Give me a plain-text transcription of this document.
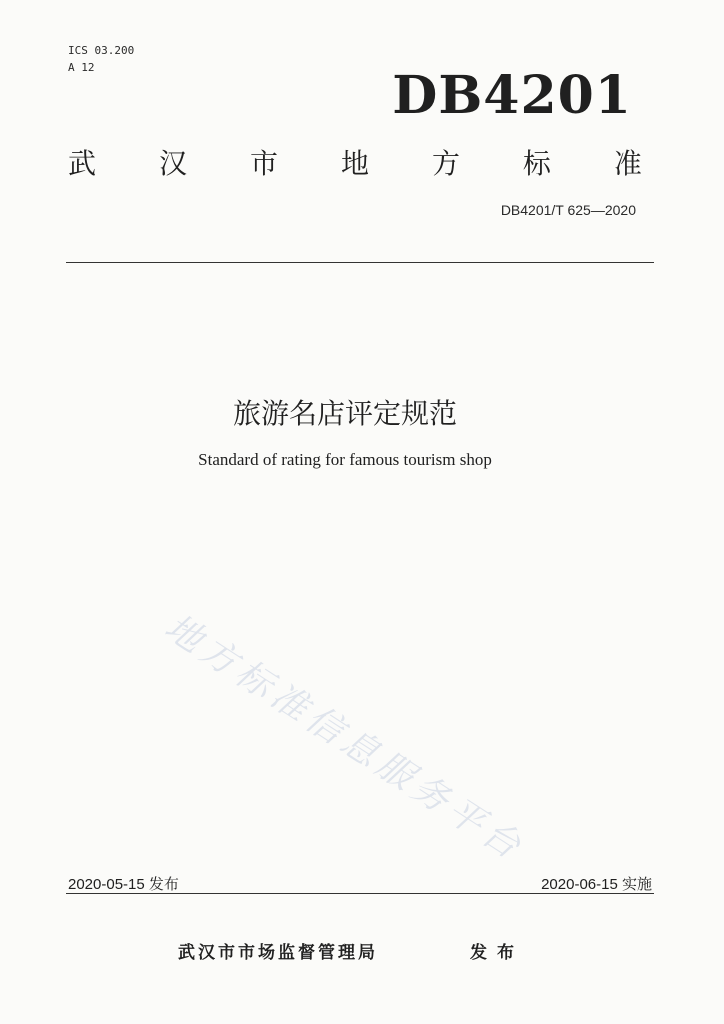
ICS 03.200
A 12	DB4201
武 汉 市 地 方 标 准
DB4201/T 625—2020
旅游名店评定规范
Standard of rating for famous tourism shop
地方标准信息服务平台
2020-05-15 发布	2020-06-15 实施
武汉市市场监督管理局	发布
